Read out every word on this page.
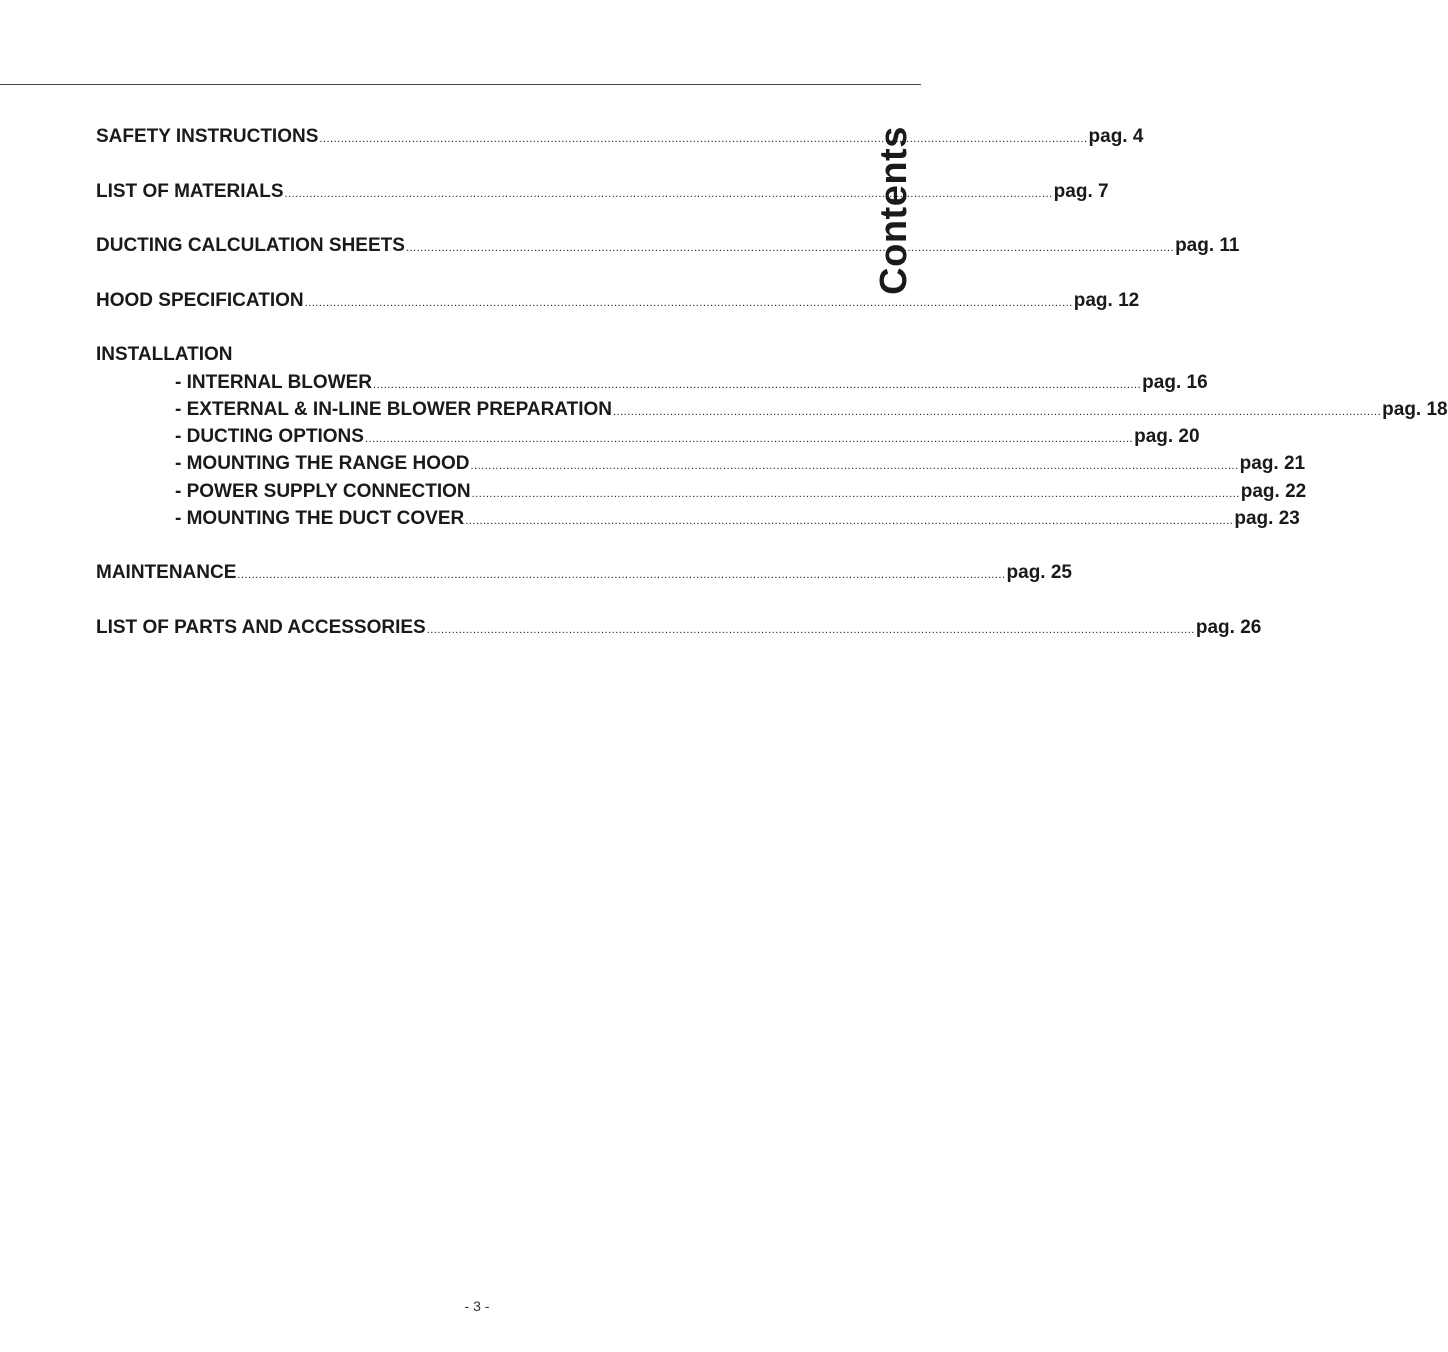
Contents
SAFETY INSTRUCTIONS ........................................................................................................................................................................................................................ pag. 4
LIST OF MATERIALS ........................................................................................................................................................................................................................ pag. 7
DUCTING CALCULATION SHEETS ........................................................................................................................................................................................................................ pag. 11
HOOD SPECIFICATION ........................................................................................................................................................................................................................ pag. 12
INSTALLATION
- INTERNAL BLOWER ........................................................................................................................................................................................................................ pag. 16
- EXTERNAL & IN-LINE BLOWER PREPARATION ........................................................................................................................................................................................................................ pag. 18
- DUCTING OPTIONS ........................................................................................................................................................................................................................ pag. 20
- MOUNTING THE RANGE HOOD ........................................................................................................................................................................................................................ pag. 21
- POWER SUPPLY CONNECTION ........................................................................................................................................................................................................................ pag. 22
- MOUNTING THE DUCT COVER ........................................................................................................................................................................................................................ pag. 23
MAINTENANCE ........................................................................................................................................................................................................................ pag. 25
LIST OF PARTS AND ACCESSORIES ........................................................................................................................................................................................................................ pag. 26
- 3 -
